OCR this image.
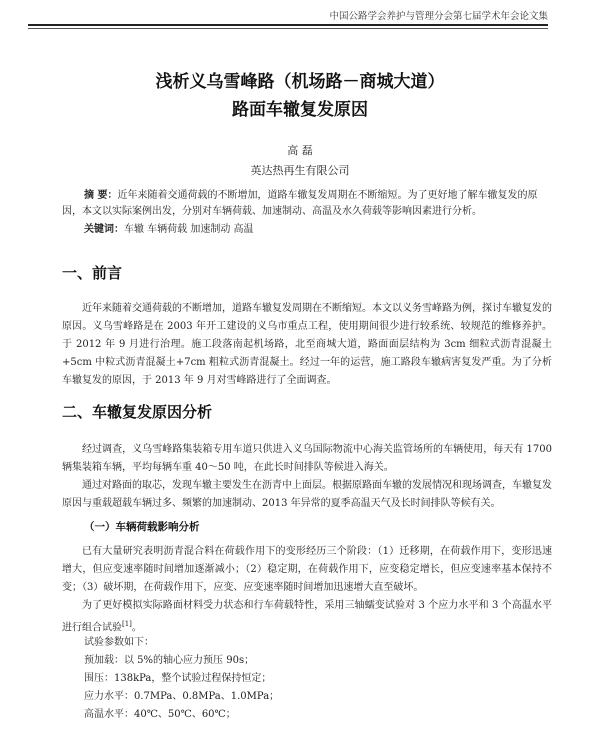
中国公路学会养护与管理分会第七届学术年会论文集
浅析义乌雪峰路（机场路－商城大道）
路面车辙复发原因
高 磊
英达热再生有限公司
摘 要：近年来随着交通荷载的不断增加，道路车辙复发周期在不断缩短。为了更好地了解车辙复发的原因，本文以实际案例出发，分别对车辆荷载、加速制动、高温及水久荷载等影响因素进行分析。
关键词：车辙 车辆荷载 加速制动 高温
一、前言
近年来随着交通荷载的不断增加，道路车辙复发周期在不断缩短。本文以义务雪峰路为例，探讨车辙复发的原因。义乌雪峰路是在 2003 年开工建设的义乌市重点工程，使用期间很少进行较系统、较规范的维修养护。于 2012 年 9 月进行治理。施工段落南起机场路，北至商城大道，路面面层结构为 3cm 细粒式沥青混凝土+5cm 中粒式沥青混凝土+7cm 粗粒式沥青混凝土。经过一年的运营，施工路段车辙病害复发严重。为了分析车辙复发的原因，于 2013 年 9 月对雪峰路进行了全面调查。
二、车辙复发原因分析
经过调查，义乌雪峰路集装箱专用车道只供进入义乌国际物流中心海关监管场所的车辆使用，每天有 1700 辆集装箱车辆，平均每辆车重 40～50 吨，在此长时间排队等候进入海关。
通过对路面的取芯，发现车辙主要发生在沥青中上面层。根据原路面车辙的发展情况和现场调查，车辙复发原因与重载超载车辆过多、频繁的加速制动、2013 年异常的夏季高温天气及长时间排队等候有关。
（一）车辆荷载影响分析
已有大量研究表明沥青混合料在荷载作用下的变形经历三个阶段：（1）迁移期，在荷载作用下，变形迅速增大，但应变速率随时间增加逐渐减小；（2）稳定期，在荷载作用下，应变稳定增长，但应变速率基本保持不变；（3）破坏期，在荷载作用下，应变、应变速率随时间增加迅速增大直至破坏。
为了更好模拟实际路面材料受力状态和行车荷载特性，采用三轴蠕变试验对 3 个应力水平和 3 个高温水平进行组合试验[1]。
试验参数如下：
预加载：以 5%的轴心应力预压 90s；
围压：138kPa，整个试验过程保持恒定；
应力水平：0.7MPa、0.8MPa、1.0MPa；
高温水平：40℃、50℃、60℃；
